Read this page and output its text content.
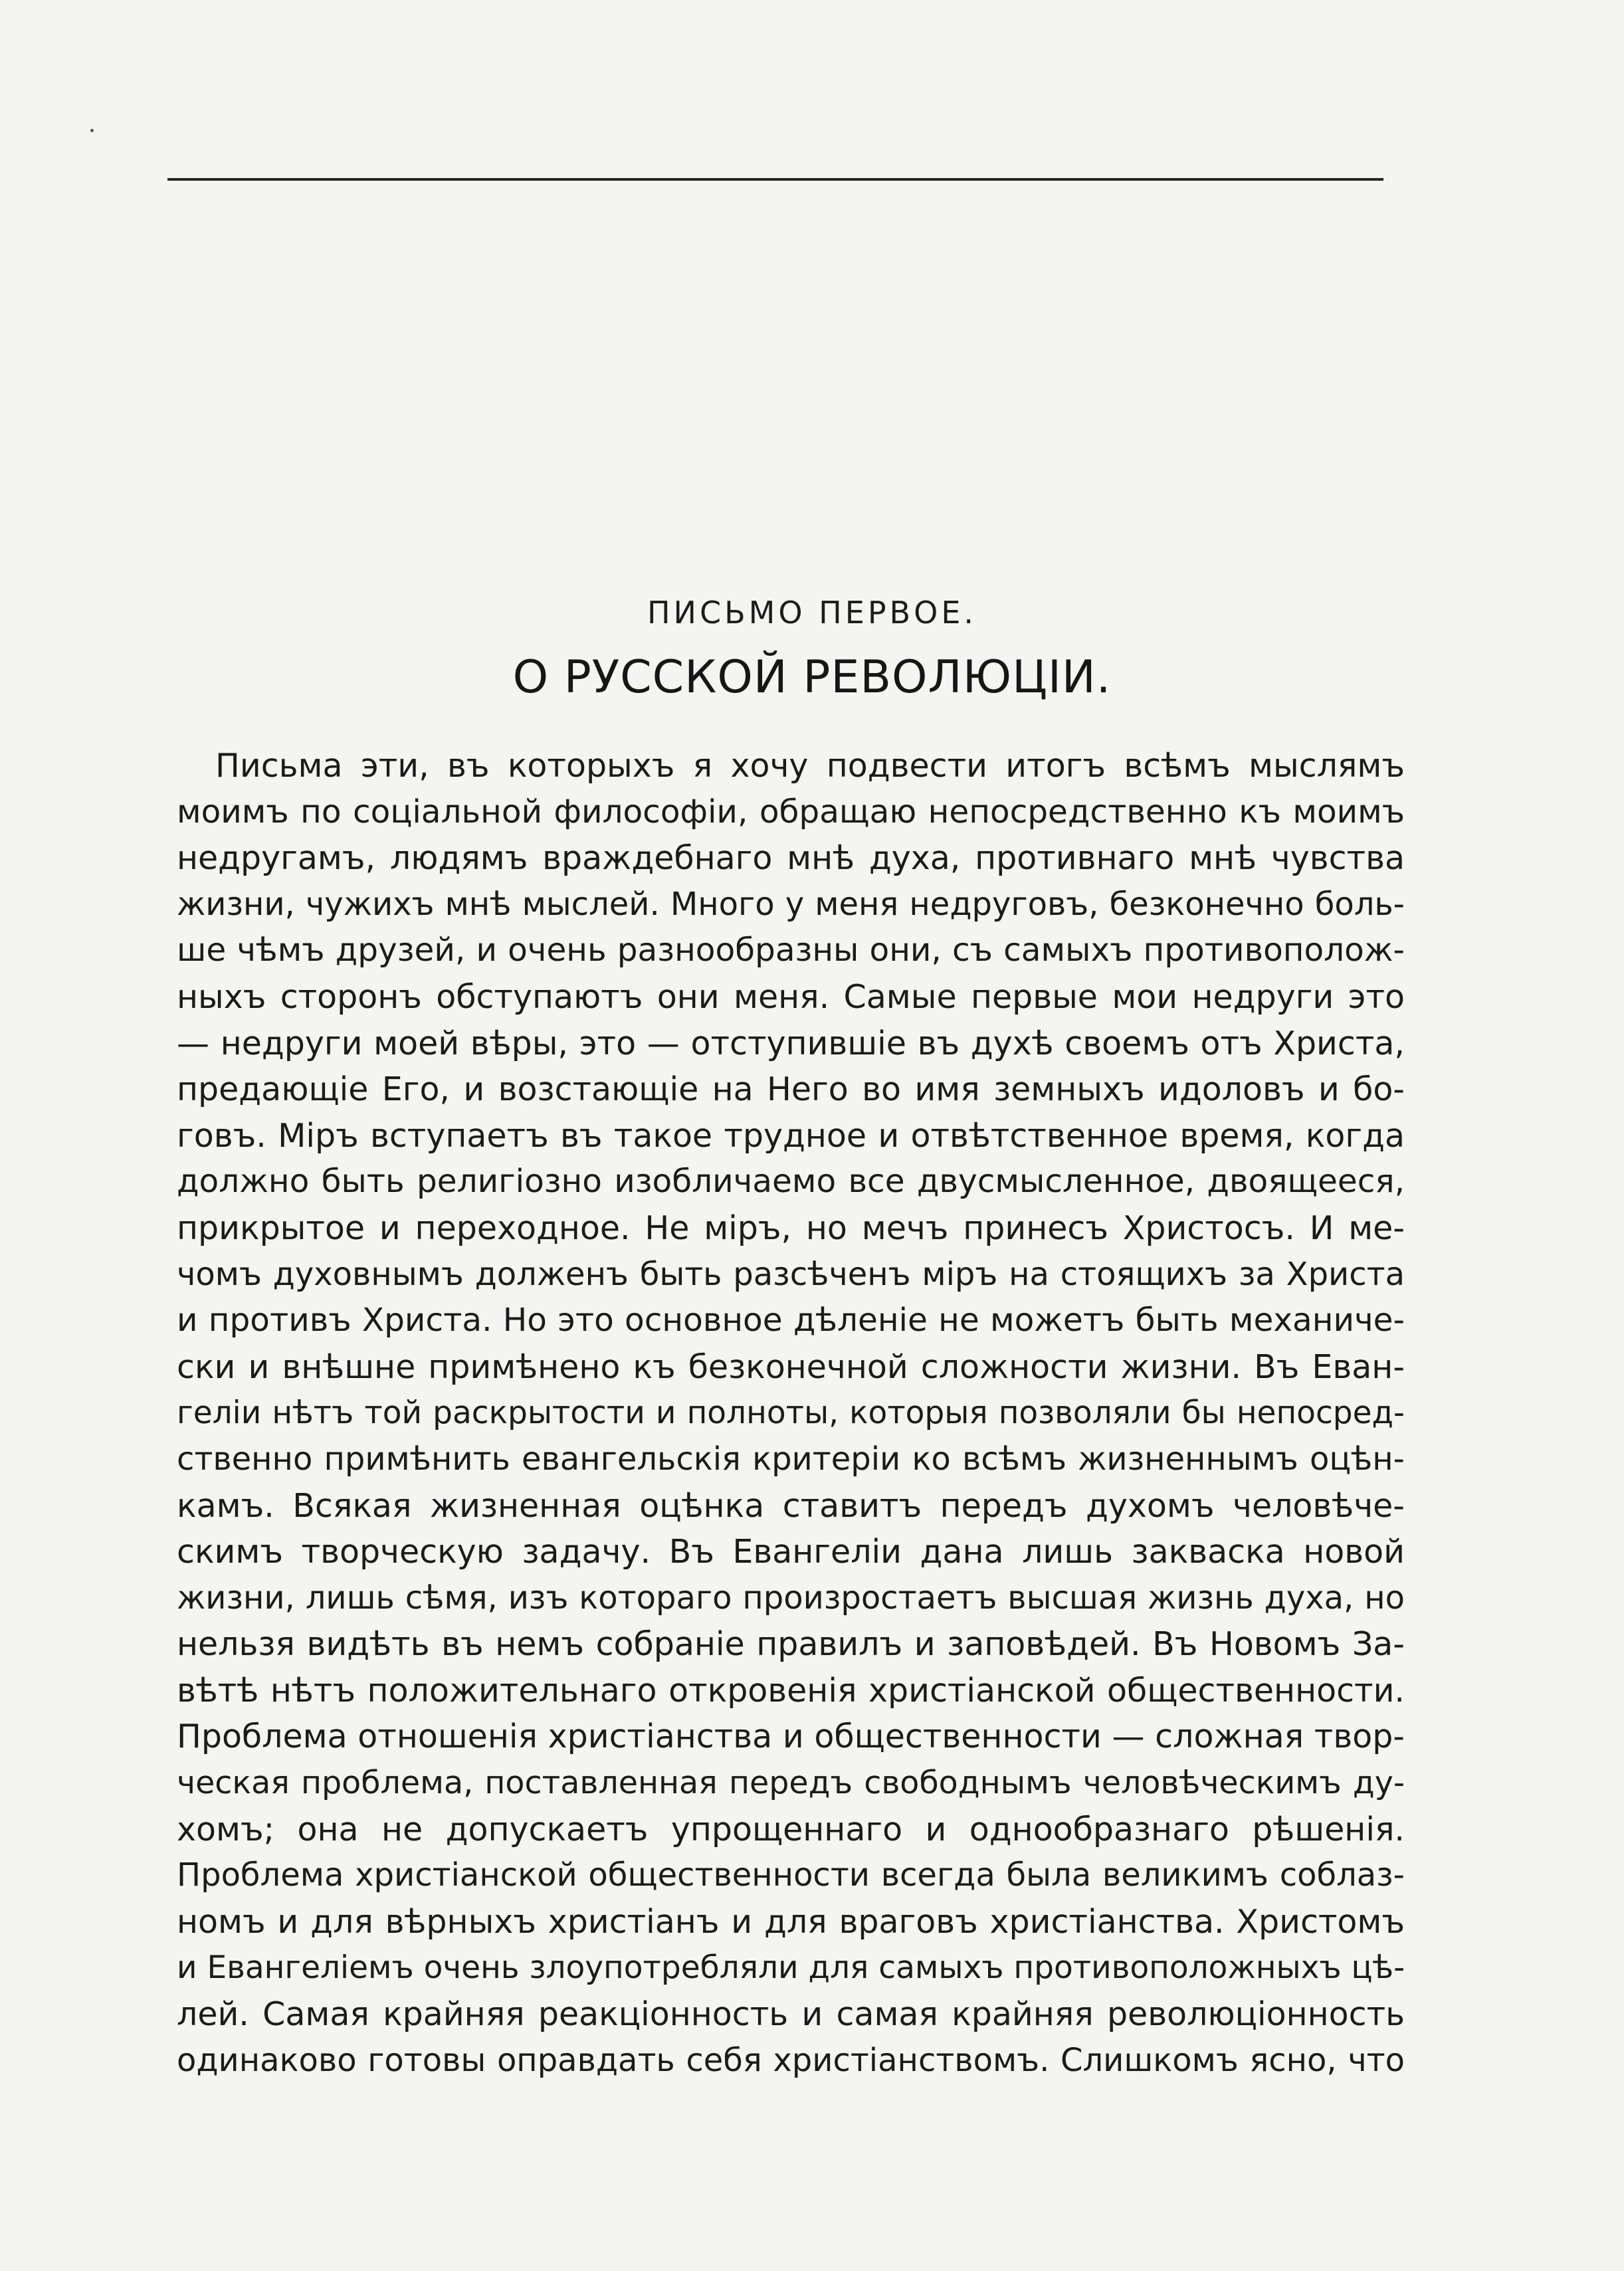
ПИСЬМО ПЕРВОЕ.
О РУССКОЙ РЕВОЛЮЦІИ.
Письма эти, въ которыхъ я хочу подвести итогъ всѣмъ мыслямъ
моимъ по соціальной философіи, обращаю непосредственно къ моимъ
недругамъ, людямъ враждебнаго мнѣ духа, противнаго мнѣ чувства
жизни, чужихъ мнѣ мыслей. Много у меня недруговъ, безконечно боль-
ше чѣмъ друзей, и очень разнообразны они, съ самыхъ противополож-
ныхъ сторонъ обступаютъ они меня. Самые первые мои недруги это
— недруги моей вѣры, это — отступившіе въ духѣ своемъ отъ Христа,
предающіе Его, и возстающіе на Него во имя земныхъ идоловъ и бо-
говъ. Міръ вступаетъ въ такое трудное и отвѣтственное время, когда
должно быть религіозно изобличаемо все двусмысленное, двоящееся,
прикрытое и переходное. Не міръ, но мечъ принесъ Христосъ. И ме-
чомъ духовнымъ долженъ быть разсѣченъ міръ на стоящихъ за Христа
и противъ Христа. Но это основное дѣленіе не можетъ быть механиче-
ски и внѣшне примѣнено къ безконечной сложности жизни. Въ Еван-
геліи нѣтъ той раскрытости и полноты, которыя позволяли бы непосред-
ственно примѣнить евангельскія критеріи ко всѣмъ жизненнымъ оцѣн-
камъ. Всякая жизненная оцѣнка ставитъ передъ духомъ человѣче-
скимъ творческую задачу. Въ Евангеліи дана лишь закваска новой
жизни, лишь сѣмя, изъ котораго произростаетъ высшая жизнь духа, но
нельзя видѣть въ немъ собраніе правилъ и заповѣдей. Въ Новомъ За-
вѣтѣ нѣтъ положительнаго откровенія христіанской общественности.
Проблема отношенія христіанства и общественности — сложная твор-
ческая проблема, поставленная передъ свободнымъ человѣческимъ ду-
хомъ; она не допускаетъ упрощеннаго и однообразнаго рѣшенія.
Проблема христіанской общественности всегда была великимъ соблаз-
номъ и для вѣрныхъ христіанъ и для враговъ христіанства. Христомъ
и Евангеліемъ очень злоупотребляли для самыхъ противоположныхъ цѣ-
лей. Самая крайняя реакціонность и самая крайняя революціонность
одинаково готовы оправдать себя христіанствомъ. Слишкомъ ясно, что
